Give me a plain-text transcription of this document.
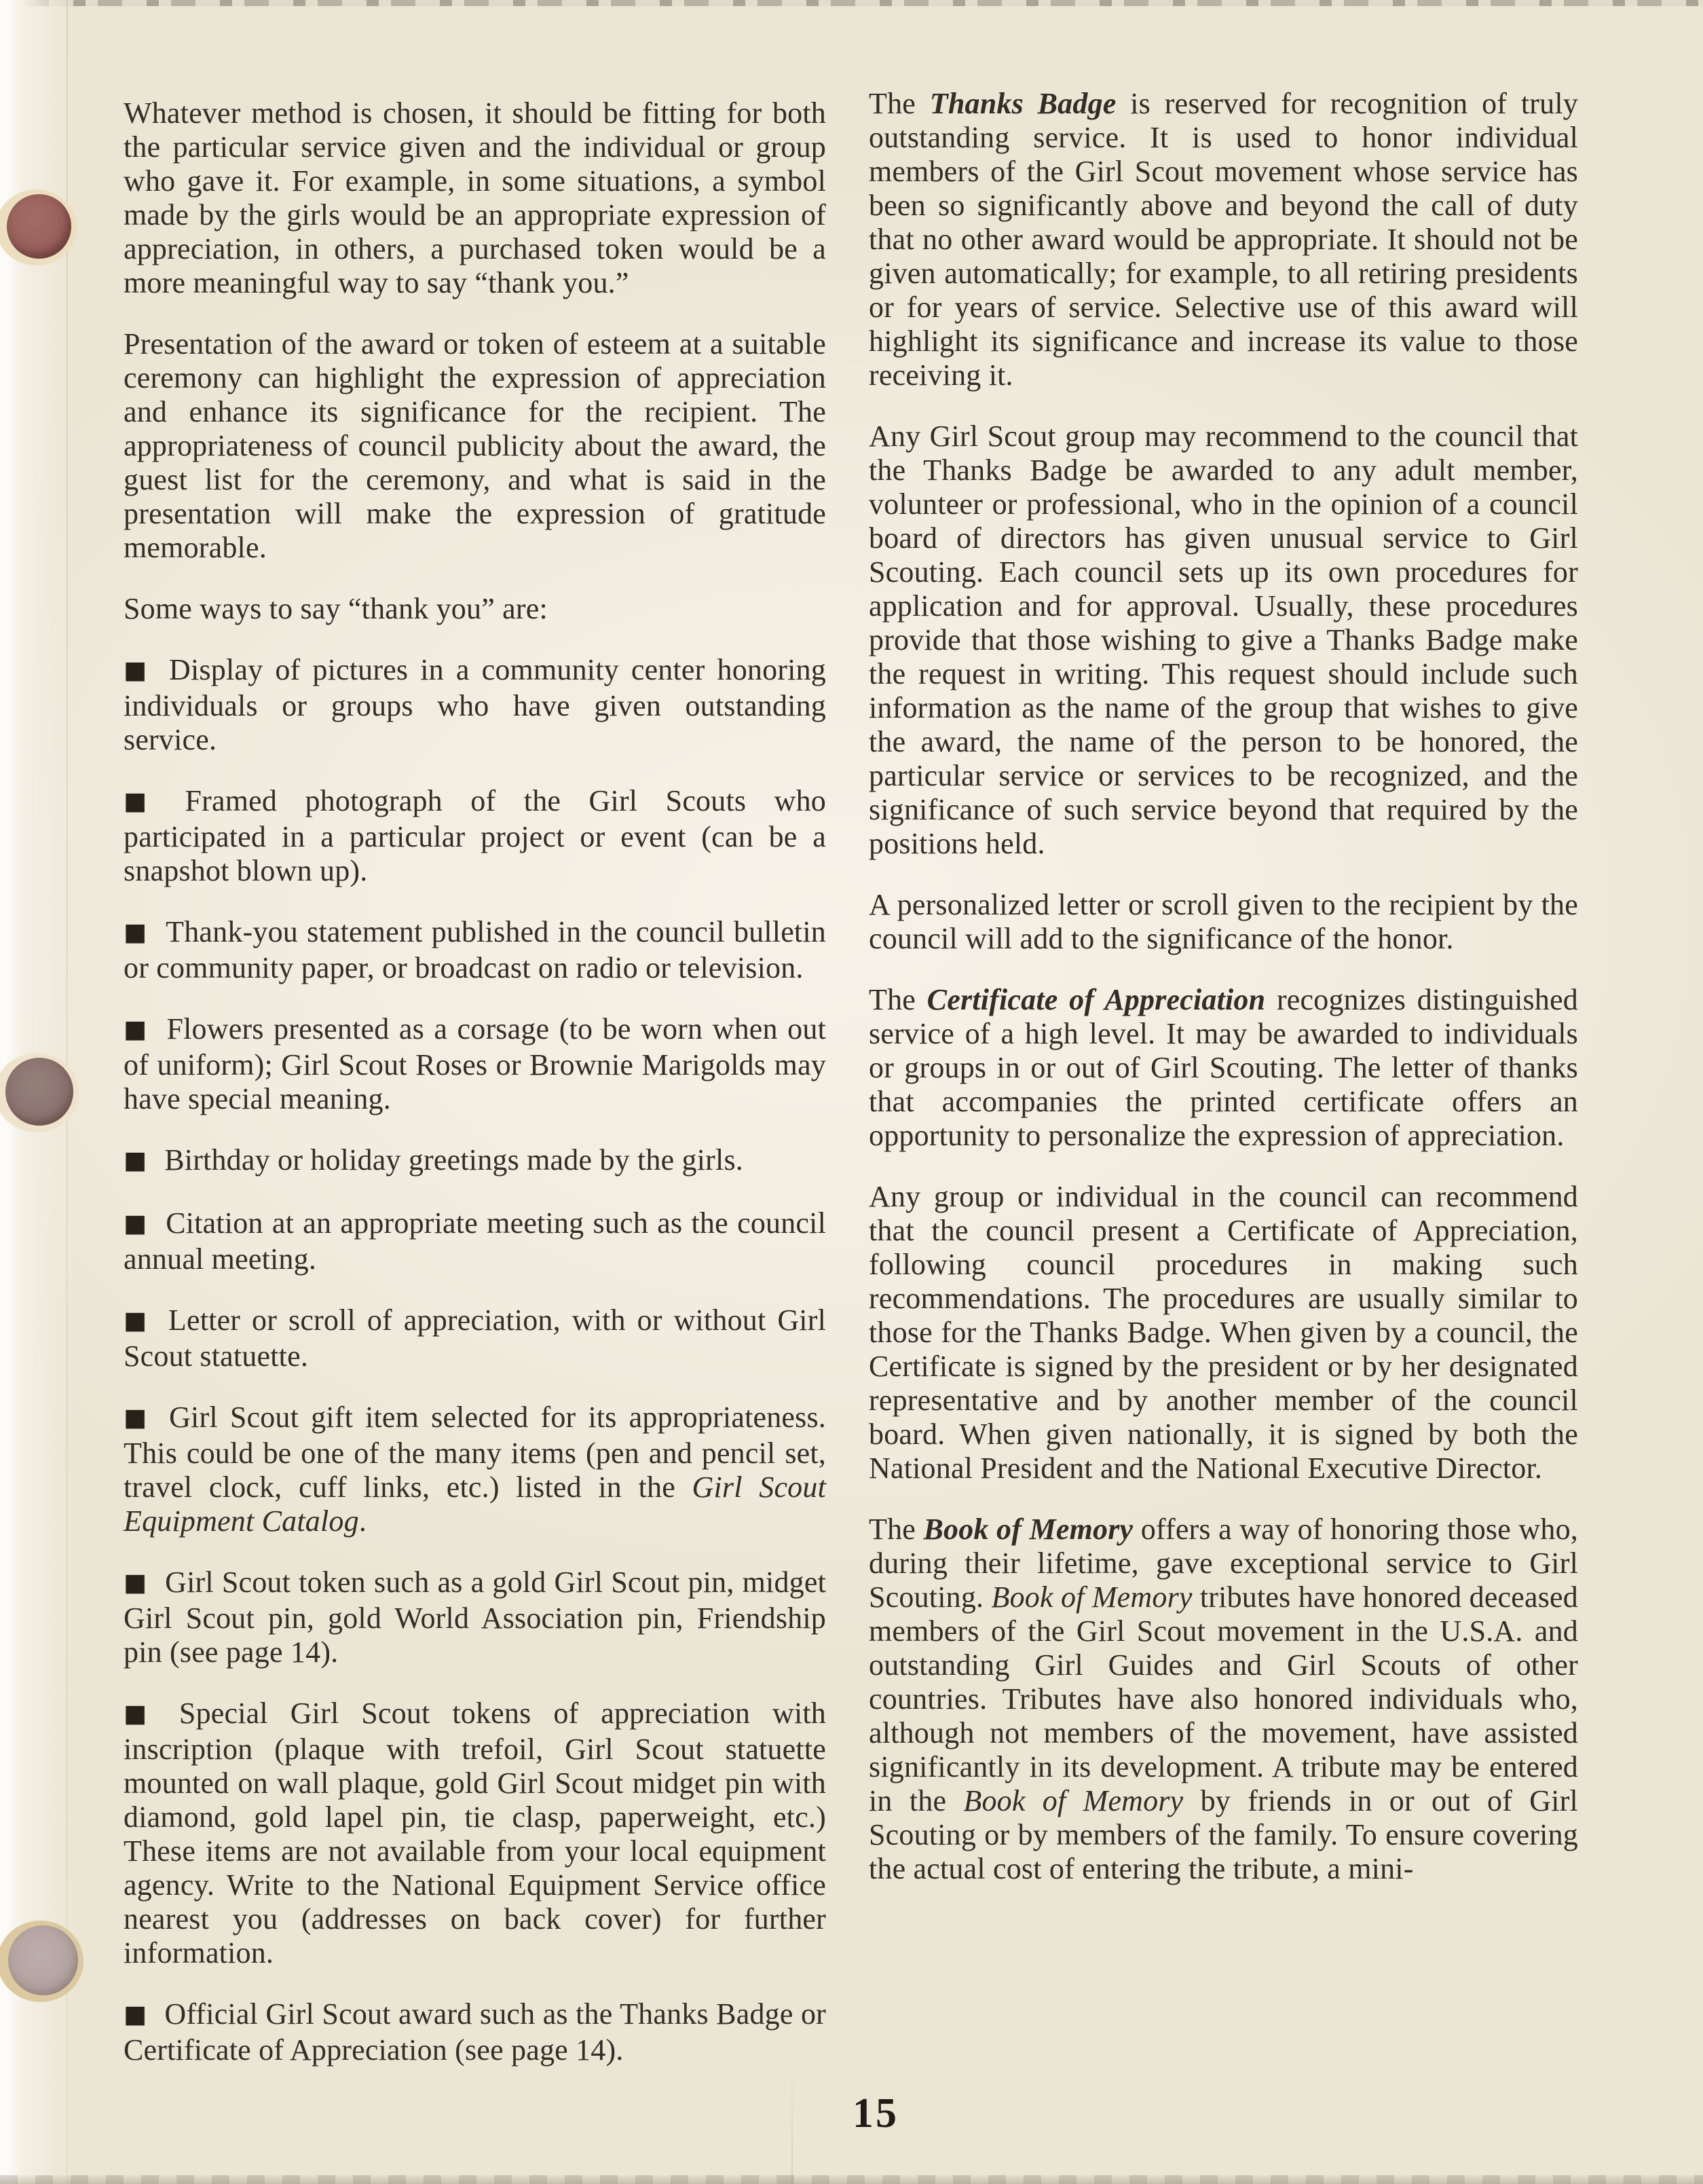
Whatever method is chosen, it should be fitting for both the particular service given and the individual or group who gave it. For example, in some situations, a symbol made by the girls would be an appropriate expression of appreciation, in others, a purchased token would be a more meaningful way to say “thank you.”

Presentation of the award or token of esteem at a suitable ceremony can highlight the expression of appreciation and enhance its significance for the recipient. The appropriateness of council publicity about the award, the guest list for the ceremony, and what is said in the presentation will make the expression of gratitude memorable.

Some ways to say “thank you” are:

■ Display of pictures in a community center honoring individuals or groups who have given outstanding service.

■ Framed photograph of the Girl Scouts who participated in a particular project or event (can be a snapshot blown up).

■ Thank-you statement published in the council bulletin or community paper, or broadcast on radio or television.

■ Flowers presented as a corsage (to be worn when out of uniform); Girl Scout Roses or Brownie Marigolds may have special meaning.

■ Birthday or holiday greetings made by the girls.

■ Citation at an appropriate meeting such as the council annual meeting.

■ Letter or scroll of appreciation, with or without Girl Scout statuette.

■ Girl Scout gift item selected for its appropriateness. This could be one of the many items (pen and pencil set, travel clock, cuff links, etc.) listed in the Girl Scout Equipment Catalog.

■ Girl Scout token such as a gold Girl Scout pin, midget Girl Scout pin, gold World Association pin, Friendship pin (see page 14).

■ Special Girl Scout tokens of appreciation with inscription (plaque with trefoil, Girl Scout statuette mounted on wall plaque, gold Girl Scout midget pin with diamond, gold lapel pin, tie clasp, paperweight, etc.) These items are not available from your local equipment agency. Write to the National Equipment Service office nearest you (addresses on back cover) for further information.

■ Official Girl Scout award such as the Thanks Badge or Certificate of Appreciation (see page 14).

The Thanks Badge is reserved for recognition of truly outstanding service. It is used to honor individual members of the Girl Scout movement whose service has been so significantly above and beyond the call of duty that no other award would be appropriate. It should not be given automatically; for example, to all retiring presidents or for years of service. Selective use of this award will highlight its significance and increase its value to those receiving it.

Any Girl Scout group may recommend to the council that the Thanks Badge be awarded to any adult member, volunteer or professional, who in the opinion of a council board of directors has given unusual service to Girl Scouting. Each council sets up its own procedures for application and for approval. Usually, these procedures provide that those wishing to give a Thanks Badge make the request in writing. This request should include such information as the name of the group that wishes to give the award, the name of the person to be honored, the particular service or services to be recognized, and the significance of such service beyond that required by the positions held.

A personalized letter or scroll given to the recipient by the council will add to the significance of the honor.

The Certificate of Appreciation recognizes distinguished service of a high level. It may be awarded to individuals or groups in or out of Girl Scouting. The letter of thanks that accompanies the printed certificate offers an opportunity to personalize the expression of appreciation.

Any group or individual in the council can recommend that the council present a Certificate of Appreciation, following council procedures in making such recommendations. The procedures are usually similar to those for the Thanks Badge. When given by a council, the Certificate is signed by the president or by her designated representative and by another member of the council board. When given nationally, it is signed by both the National President and the National Executive Director.

The Book of Memory offers a way of honoring those who, during their lifetime, gave exceptional service to Girl Scouting. Book of Memory tributes have honored deceased members of the Girl Scout movement in the U.S.A. and outstanding Girl Guides and Girl Scouts of other countries. Tributes have also honored individuals who, although not members of the movement, have assisted significantly in its development. A tribute may be entered in the Book of Memory by friends in or out of Girl Scouting or by members of the family. To ensure covering the actual cost of entering the tribute, a mini-

15
